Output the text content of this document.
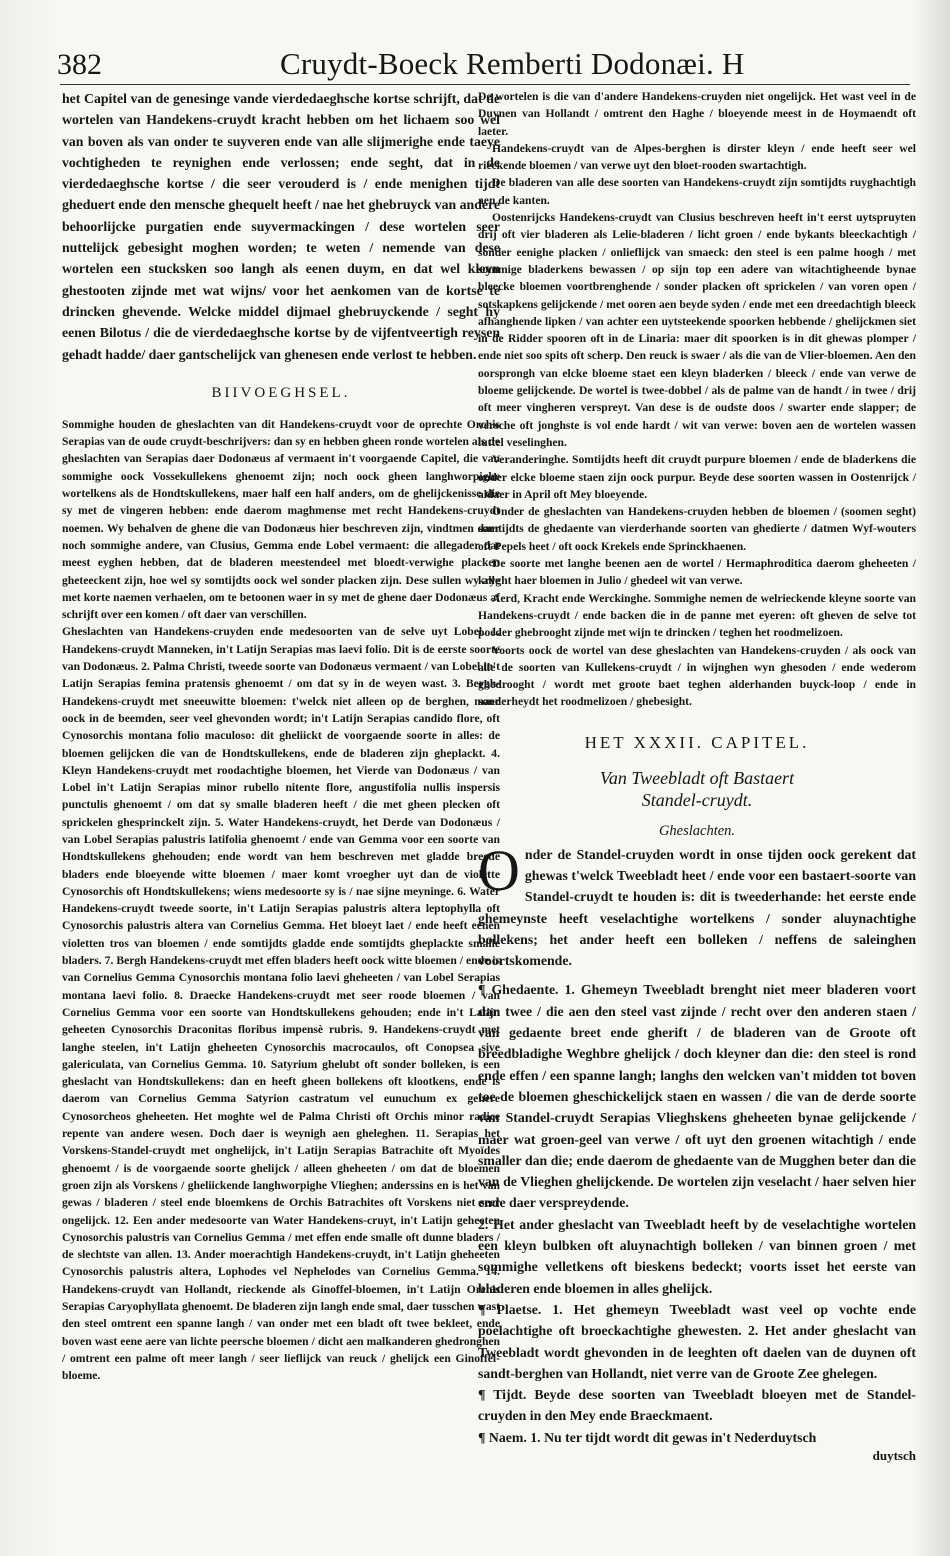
382	Cruydt-Boeck Remberti Dodonæi. H

het Capitel van de genesinge vande vierdedaeghsche kortse schrijft, dat de wortelen van Handekens-cruydt kracht hebben om het lichaem soo wel van boven als van onder te suyveren ende van alle slijmerighe ende taeye vochtigheden te reynighen ende verlossen; ende seght, dat in de vierdedaeghsche kortse / die seer verouderd is / ende menighen tijdt gheduert ende den mensche ghequelt heeft / nae het ghebruyck van andere behoorlijcke purgatien ende suyvermackingen / dese wortelen seer nuttelijck gebesight moghen worden; te weten / nemende van dese wortelen een stucksken soo langh als eenen duym, en dat wel kleyn ghestooten zijnde met wat wijns/ voor het aenkomen van de kortse te drincken ghevende. Welcke middel dijmael ghebruyckende / seght hy eenen Bilotus / die de vierdedaeghsche kortse by de vijfentveertigh reysen gehadt hadde/ daer gantschelijck van ghenesen ende verlost te hebben.

BIIVOEGHSEL.

Sommighe houden de gheslachten van dit Handekens-cruydt voor de oprechte Orchis Serapias van de oude cruydt-beschrijvers: dan sy en hebben gheen ronde wortelen als de gheslachten van Serapias daer Dodonæus af vermaent in't voorgaende Capitel, die van sommighe oock Vossekullekens ghenoemt zijn; noch oock gheen langhworpighe wortelkens als de Hondtskullekens, maer half een half anders, om de ghelijckenisse die sy met de vingeren hebben: ende daerom maghmense met recht Handekens-cruydt noemen. Wy behalven de ghene die van Dodonæus hier beschreven zijn, vindtmen daer noch sommighe andere, van Clusius, Gemma ende Lobel vermaent: die allegader dat meest eyghen hebben, dat de bladeren meestendeel met bloedt-verwighe placken gheteeckent zijn, hoe wel sy somtijdts oock wel sonder placken zijn. Dese sullen wy alle met korte naemen verhaelen, om te betoonen waer in sy met de ghene daer Dodonæus af schrijft over een komen / oft daer van verschillen.

Gheslachten van Handekens-cruyden ende medesoorten van de selve uyt Lobel. 1. Handekens-cruydt Manneken, in't Latijn Serapias mas laevi folio. Dit is de eerste soorte van Dodonæus. 2. Palma Christi, tweede soorte van Dodonæus vermaent / van Lobel in't Latijn Serapias femina pratensis ghenoemt / om dat sy in de weyen wast. 3. Bergh-Handekens-cruydt met sneeuwitte bloemen: t'welck niet alleen op de berghen, maer oock in de beemden, seer veel ghevonden wordt; in't Latijn Serapias candido flore, oft Cynosorchis montana folio maculoso: dit gheliickt de voorgaende soorte in alles: de bloemen gelijcken die van de Hondtskullekens, ende de bladeren zijn gheplackt. 4. Kleyn Handekens-cruydt met roodachtighe bloemen, het Vierde van Dodonæus / van Lobel in't Latijn Serapias minor rubello nitente flore, angustifolia nullis inspersis punctulis ghenoemt / om dat sy smalle bladeren heeft / die met gheen plecken oft sprickelen ghesprinckelt zijn. 5. Water Handekens-cruydt, het Derde van Dodonæus / van Lobel Serapias palustris latifolia ghenoemt / ende van Gemma voor een soorte van Hondtskullekens ghehouden; ende wordt van hem beschreven met gladde breede bladers ende bloeyende witte bloemen / maer komt vroegher uyt dan de violette Cynosorchis oft Hondtskullekens; wiens medesoorte sy is / nae sijne meyninge. 6. Water Handekens-cruydt tweede soorte, in't Latijn Serapias palustris altera leptophylla oft Cynosorchis palustris altera van Cornelius Gemma. Het bloeyt laet / ende heeft eenen violetten tros van bloemen / ende somtijdts gladde ende somtijdts gheplackte smalle bladers. 7. Bergh Handekens-cruydt met effen bladers heeft oock witte bloemen / ende is van Cornelius Gemma Cynosorchis montana folio laevi gheheeten / van Lobel Serapias montana laevi folio. 8. Draecke Handekens-cruydt met seer roode bloemen / van Cornelius Gemma voor een soorte van Hondtskullekens gehouden; ende in't Latijn geheeten Cynosorchis Draconitas floribus impensè rubris. 9. Handekens-cruydt met langhe steelen, in't Latijn gheheeten Cynosorchis macrocaulos, oft Conopsea sive galericulata, van Cornelius Gemma. 10. Satyrium ghelubt oft sonder bolleken, is een gheslacht van Hondtskullekens: dan en heeft gheen bollekens oft klootkens, ende is daerom van Cornelius Gemma Satyrion castratum vel eunuchum ex genere Cynosorcheos gheheeten. Het moghte wel de Palma Christi oft Orchis minor radice repente van andere wesen. Doch daer is weynigh aen gheleghen. 11. Serapias het Vorskens-Standel-cruydt met onghelijck, in't Latijn Serapias Batrachite oft Myoïdes ghenoemt / is de voorgaende soorte ghelijck / alleen gheheeten / om dat de bloemen groen zijn als Vorskens / gheliickende langhworpighe Vlieghen; anderssins en is het van gewas / bladeren / steel ende bloemkens de Orchis Batrachites oft Vorskens niet seer ongelijck. 12. Een ander medesoorte van Water Handekens-cruyt, in't Latijn geheeten Cynosorchis palustris van Cornelius Gemma / met effen ende smalle oft dunne bladers / de slechtste van allen. 13. Ander moerachtigh Handekens-cruydt, in't Latijn gheheeten Cynosorchis palustris altera, Lophodes vel Nephelodes van Cornelius Gemma. 14. Handekens-cruydt van Hollandt, rieckende als Ginoffel-bloemen, in't Latijn Orchis Serapias Caryophyllata ghenoemt. De bladeren zijn langh ende smal, daer tusschen wast den steel omtrent een spanne langh / van onder met een bladt oft twee bekleet, ende boven wast eene aere van lichte peersche bloemen / dicht aen malkanderen ghedronghen / omtrent een palme oft meer langh / seer lieflijck van reuck / ghelijck een Ginoffel-bloeme.

De wortelen is die van d'andere Handekens-cruyden niet ongelijck. Het wast veel in de Duynen van Hollandt / omtrent den Haghe / bloeyende meest in de Hoymaendt oft laeter.

Handekens-cruydt van de Alpes-berghen is dirster kleyn / ende heeft seer wel rieckende bloemen / van verwe uyt den bloet-rooden swartachtigh.

De bladeren van alle dese soorten van Handekens-cruydt zijn somtijdts ruyghachtigh aen de kanten.

Oostenrijcks Handekens-cruydt van Clusius beschreven heeft in't eerst uytspruyten drij oft vier bladeren als Lelie-bladeren / licht groen / ende bykants bleeckachtigh / sonder eenighe placken / onlieflijck van smaeck: den steel is een palme hoogh / met sommige bladerkens bewassen / op sijn top een adere van witachtigheende bynae bleecke bloemen voortbrenghende / sonder placken oft sprickelen / van voren open / sotskapkens gelijckende / met ooren aen beyde syden / ende met een dreedachtigh bleeck afhanghende lipken / van achter een uytsteekende spoorken hebbende / ghelijckmen siet in de Ridder spooren oft in de Linaria: maer dit spoorken is in dit ghewas plomper / ende niet soo spits oft scherp. Den reuck is swaer / als die van de Vlier-bloemen. Aen den oorsprongh van elcke bloeme staet een kleyn bladerken / bleeck / ende van verwe de bloeme gelijckende. De wortel is twee-dobbel / als de palme van de handt / in twee / drij oft meer vingheren verspreyt. Van dese is de oudste doos / swarter ende slapper; de versche oft jonghste is vol ende hardt / wit van verwe: boven aen de wortelen wassen luttel veselinghen.

Veranderinghe. Somtijdts heeft dit cruydt purpure bloemen / ende de bladerkens die onder elcke bloeme staen zijn oock purpur. Beyde dese soorten wassen in Oostenrijck / aldaer in April oft Mey bloeyende.

Onder de gheslachten van Handekens-cruyden hebben de bloemen / (soomen seght) somtijdts de ghedaente van vierderhande soorten van ghedierte / datmen Wyf-wouters oft Pepels heet / oft oock Krekels ende Sprinckhaenen.

De soorte met langhe beenen aen de wortel / Hermaphroditica daerom gheheeten / kryght haer bloemen in Julio / ghedeel wit van verwe.

Aerd, Kracht ende Werckinghe. Sommighe nemen de welrieckende kleyne soorte van Handekens-cruydt / ende backen die in de panne met eyeren: oft gheven de selve tot poeder ghebrooght zijnde met wijn te drincken / teghen het roodmelizoen.

Voorts oock de wortel van dese gheslachten van Handekens-cruyden / als oock van alle de soorten van Kullekens-cruydt / in wijnghen wyn ghesoden / ende wederom ghedrooght / wordt met groote baet teghen alderhanden buyck-loop / ende in sonderheydt het roodmelizoen / ghebesight.

HET XXXII. CAPITEL.
Van Tweebladt oft Bastaert
Standel-cruydt.
Gheslachten.

Onder de Standel-cruyden wordt in onse tijden oock gerekent dat ghewas t'welck Tweebladt heet / ende voor een bastaert-soorte van Standel-cruydt te houden is: dit is tweederhande: het eerste ende ghemeynste heeft veselachtighe wortelkens / sonder aluynachtighe bollekens; het ander heeft een bolleken / neffens de saleinghen voortskomende.

¶ Ghedaente. 1. Ghemeyn Tweebladt brenght niet meer bladeren voort dan twee / die aen den steel vast zijnde / recht over den anderen staen / van gedaente breet ende gherift / de bladeren van de Groote oft breedbladighe Weghbre ghelijck / doch kleyner dan die: den steel is rond ende effen / een spanne langh; langhs den welcken van't midden tot boven toe de bloemen gheschickelijck staen en wassen / die van de derde soorte van Standel-cruydt Serapias Vlieghskens gheheeten bynae gelijckende / maer wat groen-geel van verwe / oft uyt den groenen witachtigh / ende smaller dan die; ende daerom de ghedaente van de Mugghen beter dan die van de Vlieghen ghelijckende. De wortelen zijn veselacht / haer selven hier ende daer verspreydende.

2. Het ander gheslacht van Tweebladt heeft by de veselachtighe wortelen een kleyn bulbken oft aluynachtigh bolleken / van binnen groen / met sommighe velletkens oft bieskens bedeckt; voorts isset het eerste van bladeren ende bloemen in alles ghelijck.

¶ Plaetse. 1. Het ghemeyn Tweebladt wast veel op vochte ende poelachtighe oft broeckachtighe ghewesten. 2. Het ander gheslacht van Tweebladt wordt ghevonden in de leeghten oft daelen van de duynen oft sandt-berghen van Hollandt, niet verre van de Groote Zee ghelegen.

¶ Tijdt. Beyde dese soorten van Tweebladt bloeyen met de Standel-cruyden in den Mey ende Braeckmaent.

¶ Naem. 1. Nu ter tijdt wordt dit gewas in't Nederduytsch

duytsch
